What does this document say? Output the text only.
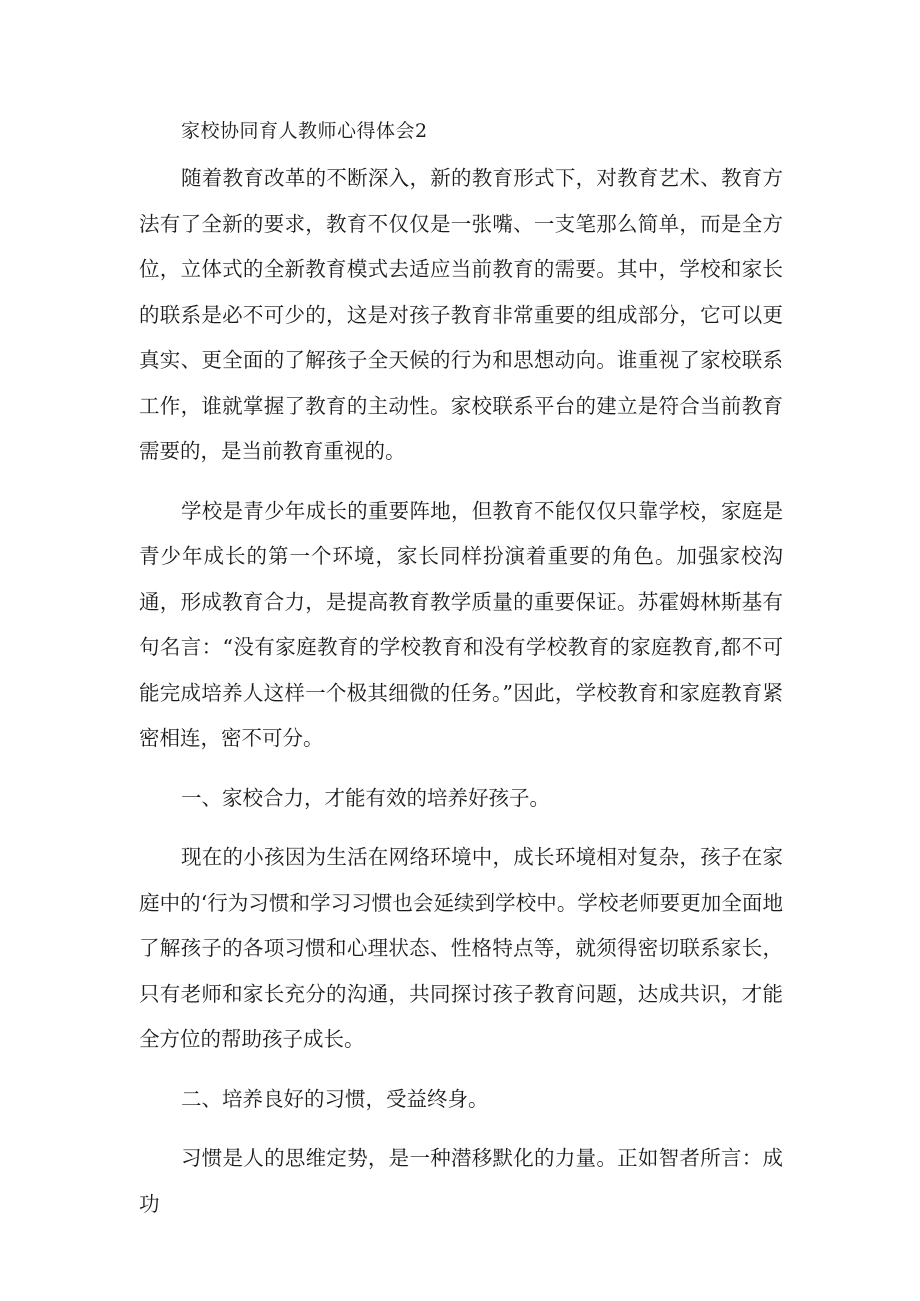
家校协同育人教师心得体会2

随着教育改革的不断深入，新的教育形式下，对教育艺术、教育方法有了全新的要求，教育不仅仅是一张嘴、一支笔那么简单，而是全方位，立体式的全新教育模式去适应当前教育的需要。其中，学校和家长的联系是必不可少的，这是对孩子教育非常重要的组成部分，它可以更真实、更全面的了解孩子全天候的行为和思想动向。谁重视了家校联系工作，谁就掌握了教育的主动性。家校联系平台的建立是符合当前教育需要的，是当前教育重视的。

学校是青少年成长的重要阵地，但教育不能仅仅只靠学校，家庭是青少年成长的第一个环境，家长同样扮演着重要的角色。加强家校沟通，形成教育合力，是提高教育教学质量的重要保证。苏霍姆林斯基有句名言：“没有家庭教育的学校教育和没有学校教育的家庭教育,都不可能完成培养人这样一个极其细微的任务。”因此，学校教育和家庭教育紧密相连，密不可分。

一、家校合力，才能有效的培养好孩子。

现在的小孩因为生活在网络环境中，成长环境相对复杂，孩子在家庭中的‘行为习惯和学习习惯也会延续到学校中。学校老师要更加全面地了解孩子的各项习惯和心理状态、性格特点等，就须得密切联系家长，只有老师和家长充分的沟通，共同探讨孩子教育问题，达成共识，才能全方位的帮助孩子成长。

二、培养良好的习惯，受益终身。

习惯是人的思维定势，是一种潜移默化的力量。正如智者所言：成功
